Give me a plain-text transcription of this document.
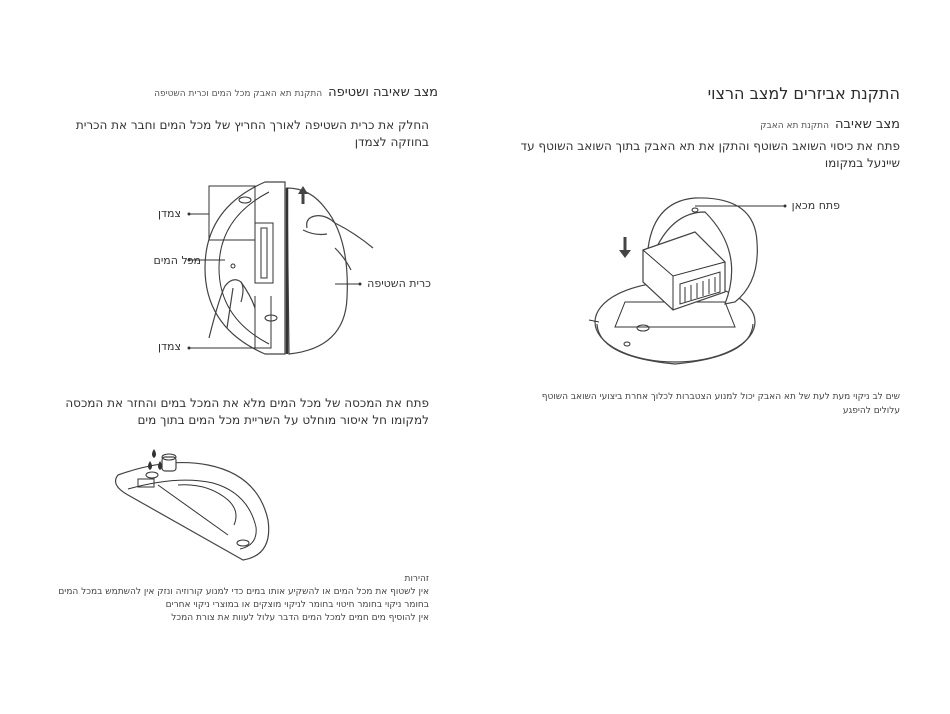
התקנת אביזרים למצב הרצוי
מצב שאיבההתקנת תא האבק
פתח את כיסוי השואב השוטף והתקן את תא האבק בתוך השואב השוטף עד שיינעל במקומו
פתח מכאן
שים לב ניקוי מעת לעת של תא האבק יכול למנוע הצטברות לכלוך אחרת ביצועי השואב השוטף עלולים להיפגע
מצב שאיבה ושטיפההתקנת תא האבק מכל המים וכרית השטיפה
החלק את כרית השטיפה לאורך החריץ של מכל המים וחבר את הכרית בחוזקה לצמדן
צמדן
מכל המים
כרית השטיפה
צמדן
פתח את המכסה של מכל המים מלא את המכל במים והחזר את המכסה למקומו חל איסור מוחלט על השריית מכל המים בתוך מים
זהירות
אין לשטוף את מכל המים או להשקיע אותו במים כדי למנוע קורוזיה ונזק אין להשתמש במכל המים
בחומר ניקוי בחומר חיטוי בחומר לניקוי מוצקים או במוצרי ניקוי אחרים
אין להוסיף מים חמים למכל המים הדבר עלול לעוות את צורת המכל
